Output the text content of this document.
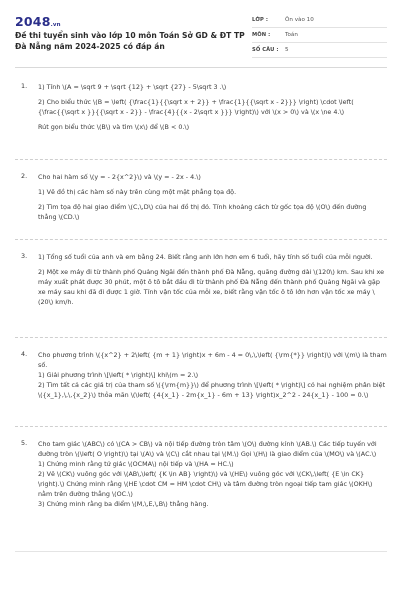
2048.vn
Đề thi tuyển sinh vào lớp 10 môn Toán Sở GD & ĐT TP Đà Nẵng năm 2024-2025 có đáp án
LỚP :	Ôn vào 10
MÔN :	Toán
SỐ CÂU :	5
1. 1) Tính \(A = \sqrt 9 + \sqrt {12} + \sqrt {27} - 5\sqrt 3 .\)

2) Cho biểu thức \(B = \left( {\frac{1}{{\sqrt x + 2}} + \frac{1}{{\sqrt x - 2}}} \right) \cdot \left( {\frac{{\sqrt x }}{{\sqrt x - 2}} - \frac{4}{{x - 2\sqrt x }}} \right)\) với \(x > 0\) và \(x \ne 4.\)

Rút gọn biểu thức \(B\) và tìm \(x\) để \(B < 0.\)

2. Cho hai hàm số \(y = - 2{x^2}\) và \(y = - 2x - 4.\)

1) Vẽ đồ thị các hàm số này trên cùng một mặt phẳng tọa độ.

2) Tìm tọa độ hai giao điểm \(C,\,D\) của hai đồ thị đó. Tính khoảng cách từ gốc tọa độ \(O\) đến đường thẳng \(CD.\)

3. 1) Tổng số tuổi của anh và em bằng 24. Biết rằng anh lớn hơn em 6 tuổi, hãy tính số tuổi của mỗi người.

2) Một xe máy đi từ thành phố Quảng Ngãi đến thành phố Đà Nẵng, quãng đường dài \(120\) km. Sau khi xe máy xuất phát được 30 phút, một ô tô bắt đầu đi từ thành phố Đà Nẵng đến thành phố Quảng Ngãi và gặp xe máy sau khi đã đi được 1 giờ. Tính vận tốc của mỗi xe, biết rằng vận tốc ô tô lớn hơn vận tốc xe máy \(20\) km/h.

4. Cho phương trình \({x^2} + 2\left( {m + 1} \right)x + 6m - 4 = 0\,\,\left( {\rm{*}} \right)\) với \(m\) là tham số.

1) Giải phương trình \[\left( * \right)\] khi\(m = 2.\)

2) Tìm tất cả các giá trị của tham số \({\rm{m}}\) để phương trình \[\left( * \right)\] có hai nghiệm phân biệt \({x_1},\,\,{x_2}\) thỏa mãn \(\left( {4{x_1} - 2m{x_1} - 6m + 13} \right)x_2^2 - 24{x_1} - 100 = 0.\)

5. Cho tam giác \(ABC\) có \(CA > CB\) và nội tiếp đường tròn tâm \(O\) đường kính \(AB.\) Các tiếp tuyến với đường tròn \(\left( O \right)\) tại \(A\) và \(C\) cắt nhau tại \(M.\) Gọi \(H\) là giao điểm của \(MO\) và \(AC.\)

1) Chứng minh rằng tứ giác \(OCMA\) nội tiếp và \(HA = HC.\)

2) Vẽ \(CK\) vuông góc với \(AB\,\left( {K \in AB} \right)\) và \(HE\) vuông góc với \(CK\,\left( {E \in CK} \right).\) Chứng minh rằng \(HE \cdot CM = HM \cdot CH\) và tâm đường tròn ngoại tiếp tam giác \(OKH\) nằm trên đường thẳng \(OC.\)

3) Chứng minh rằng ba điểm \(M,\,E,\,B\) thẳng hàng.
